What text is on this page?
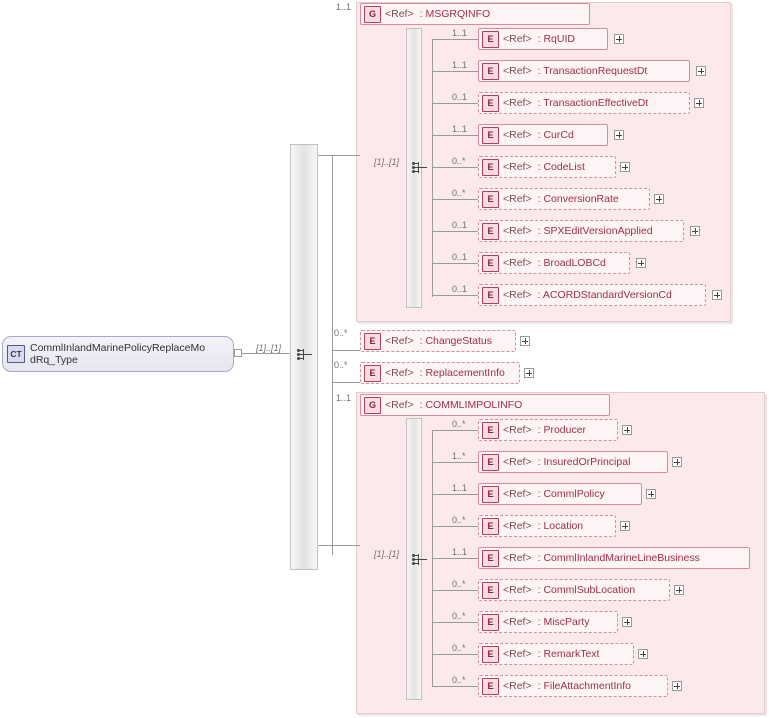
1..1
G <Ref> : MSGRQINFO
[1]..[1]
1..1
E <Ref> : RqUID
1..1
E <Ref> : TransactionRequestDt
0..1
E <Ref> : TransactionEffectiveDt
1..1
E <Ref> : CurCd
0..*
E <Ref> : CodeList
0..*
E <Ref> : ConversionRate
0..1
E <Ref> : SPXEditVersionApplied
0..1
E <Ref> : BroadLOBCd
0..1
E <Ref> : ACORDStandardVersionCd
1..1
G <Ref> : COMMLIMPOLINFO
[1]..[1]
0..*
E <Ref> : Producer
1..*
E <Ref> : InsuredOrPrincipal
1..1
E <Ref> : CommlPolicy
0..*
E <Ref> : Location
1..1
E <Ref> : CommlInlandMarineLineBusiness
0..*
E <Ref> : CommlSubLocation
0..*
E <Ref> : MiscParty
0..*
E <Ref> : RemarkText
0..*
E <Ref> : FileAttachmentInfo
CT CommlInlandMarinePolicyReplaceModRq_Type
[1]..[1]
0..*
E <Ref> : ChangeStatus
0..*
E <Ref> : ReplacementInfo
